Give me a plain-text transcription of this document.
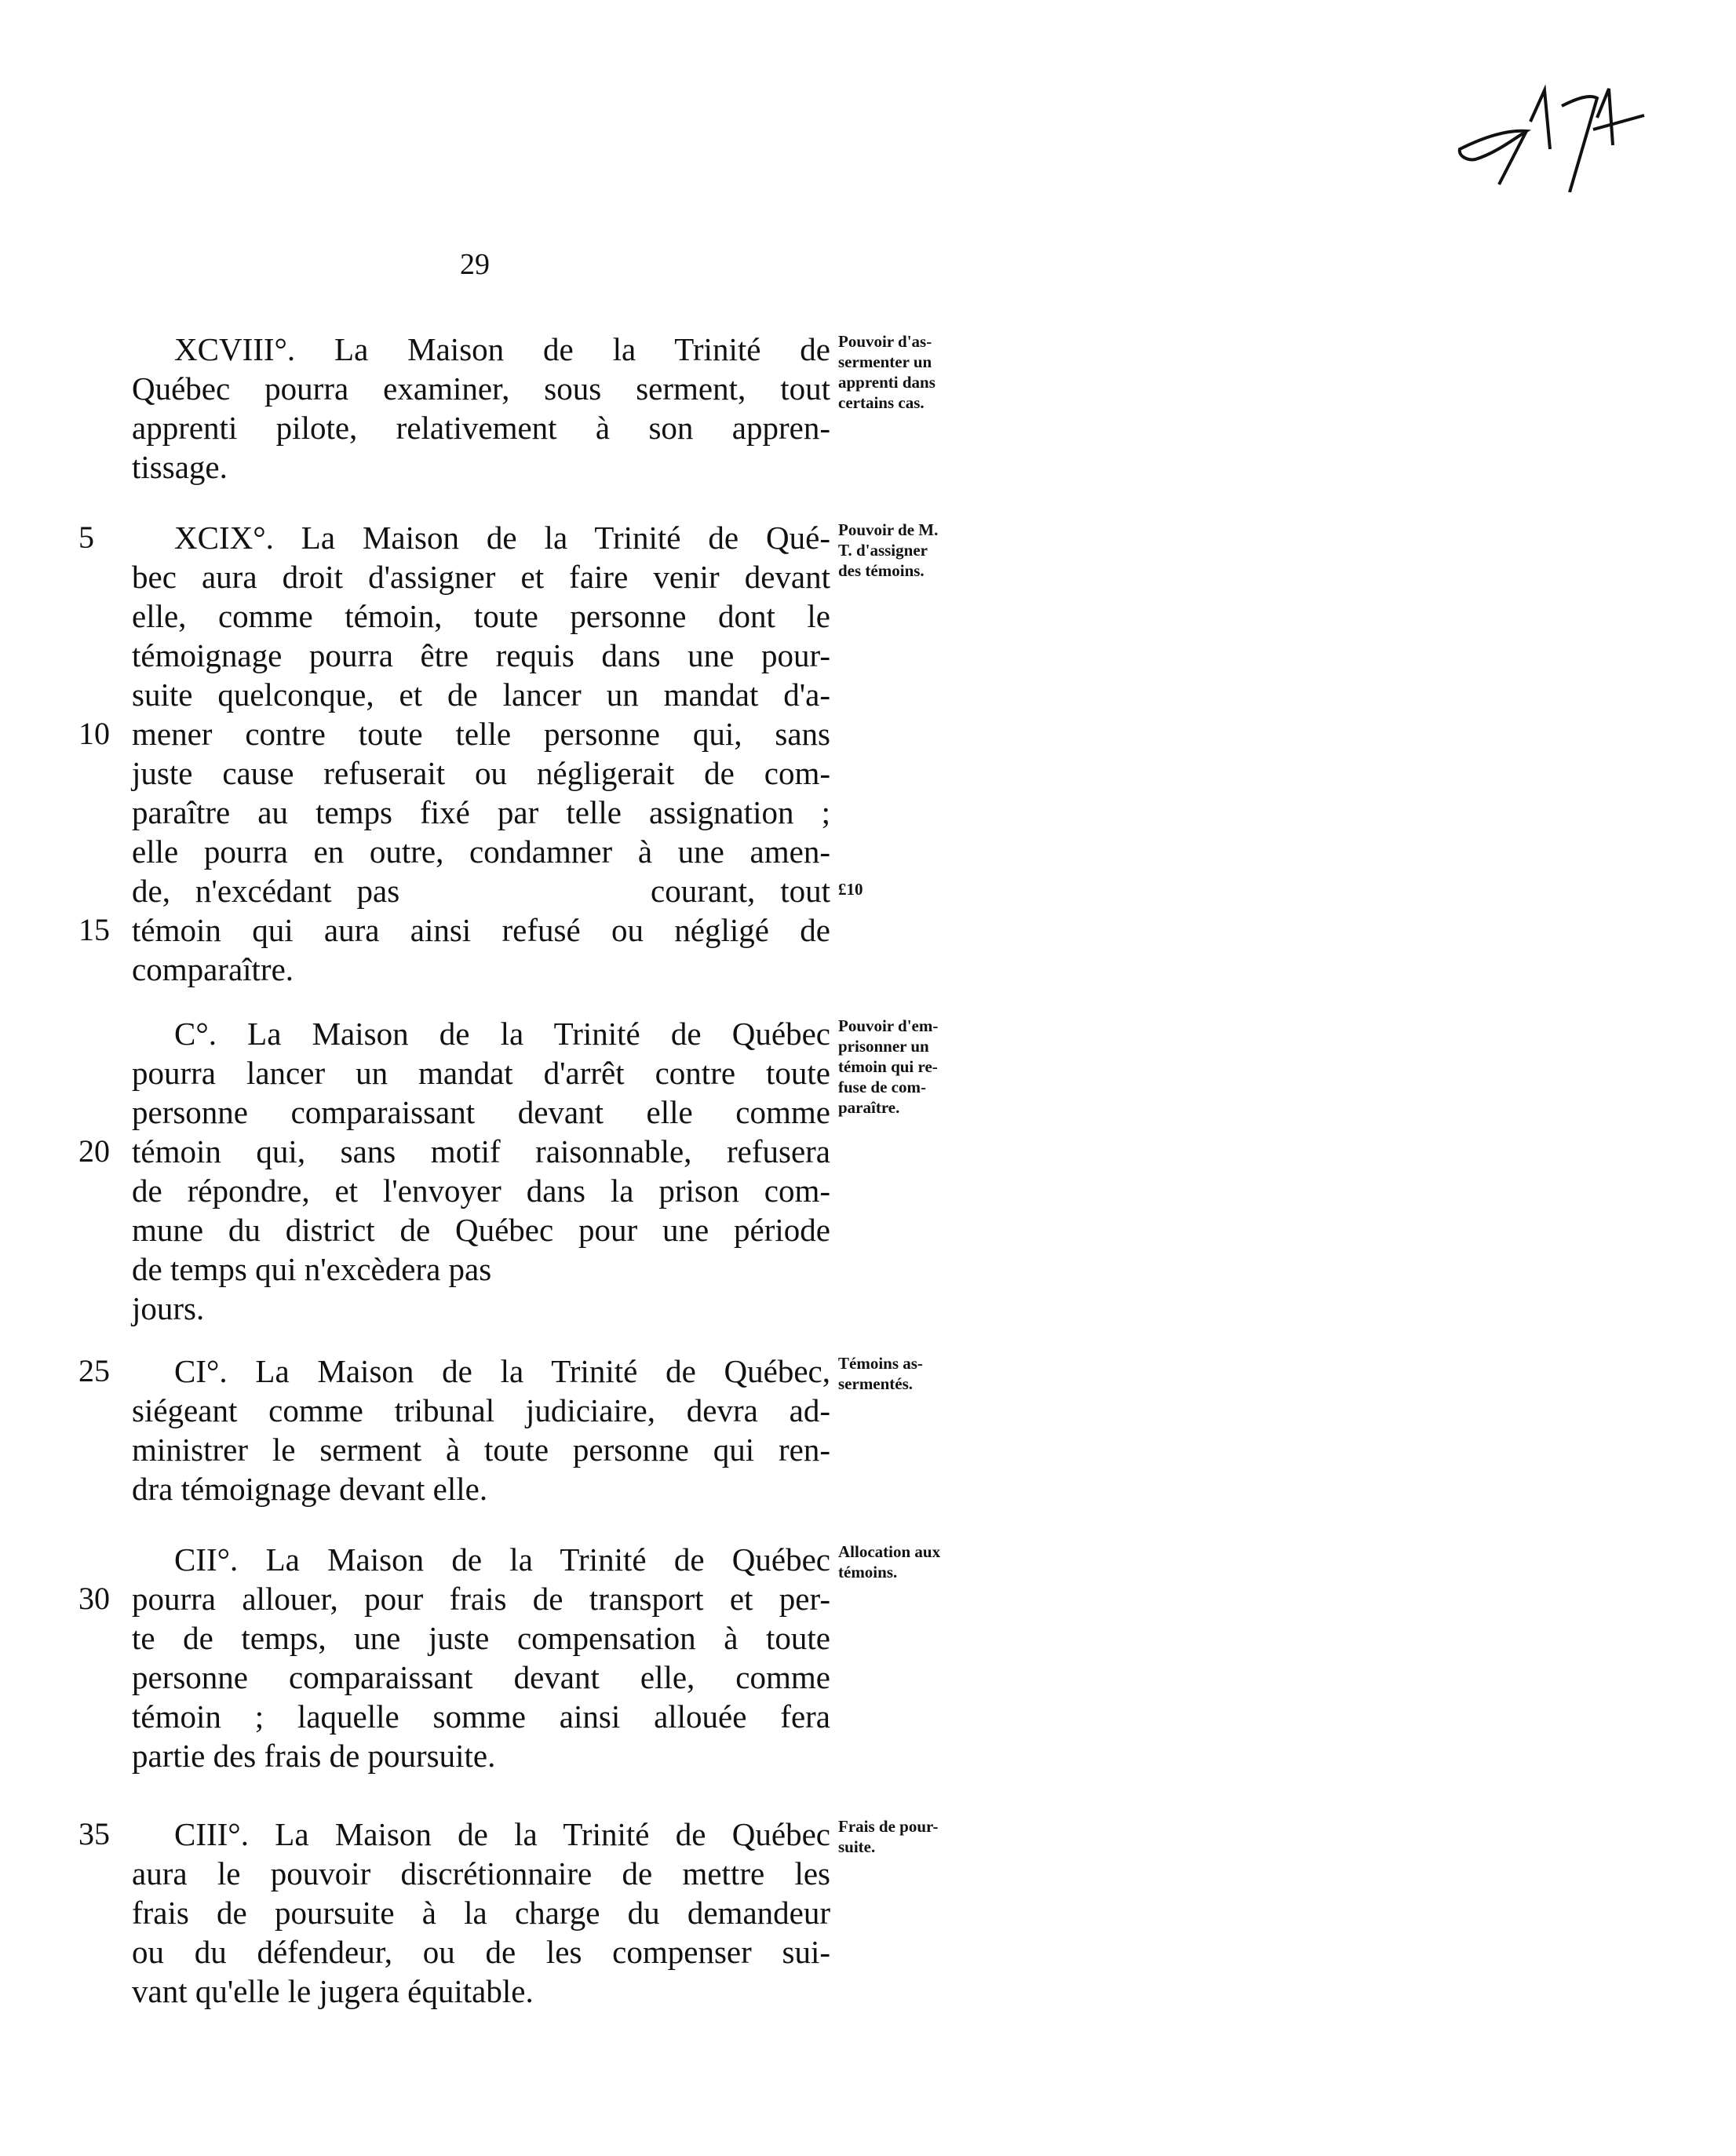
29
XCVIII°. La Maison de la Trinité de
Québec pourra examiner, sous serment, tout
apprenti pilote, relativement à son appren-
tissage.
Pouvoir d'as-
sermenter un
apprenti dans
certains cas.
5	XCIX°. La Maison de la Trinité de Qué-
bec aura droit d'assigner et faire venir devant
elle, comme témoin, toute personne dont le
témoignage pourra être requis dans une pour-
suite quelconque, et de lancer un mandat d'a-
10 mener contre toute telle personne qui, sans
juste cause refuserait ou négligerait de com-
paraître au temps fixé par telle assignation ;
elle pourra en outre, condamner à une amen-
de, n'excédant pas          courant, tout
15 témoin qui aura ainsi refusé ou négligé de
comparaître.
Pouvoir de M.
T. d'assigner
des témoins.
£10
C°. La Maison de la Trinité de Québec
pourra lancer un mandat d'arrêt contre toute
personne comparaissant devant elle comme
20 témoin qui, sans motif raisonnable, refusera
de répondre, et l'envoyer dans la prison com-
mune du district de Québec pour une période
de temps qui n'excèdera pas
jours.
Pouvoir d'em-
prisonner un
témoin qui re-
fuse de com-
paraître.
25	CI°. La Maison de la Trinité de Québec,
siégeant comme tribunal judiciaire, devra ad-
ministrer le serment à toute personne qui ren-
dra témoignage devant elle.
Témoins as-
sermentés.
CII°. La Maison de la Trinité de Québec
30 pourra allouer, pour frais de transport et per-
te de temps, une juste compensation à toute
personne comparaissant devant elle, comme
témoin ; laquelle somme ainsi allouée fera
partie des frais de poursuite.
Allocation aux
témoins.
35	CIII°. La Maison de la Trinité de Québec
aura le pouvoir discrétionnaire de mettre les
frais de poursuite à la charge du demandeur
ou du défendeur, ou de les compenser sui-
vant qu'elle le jugera équitable.
Frais de pour-
suite.
